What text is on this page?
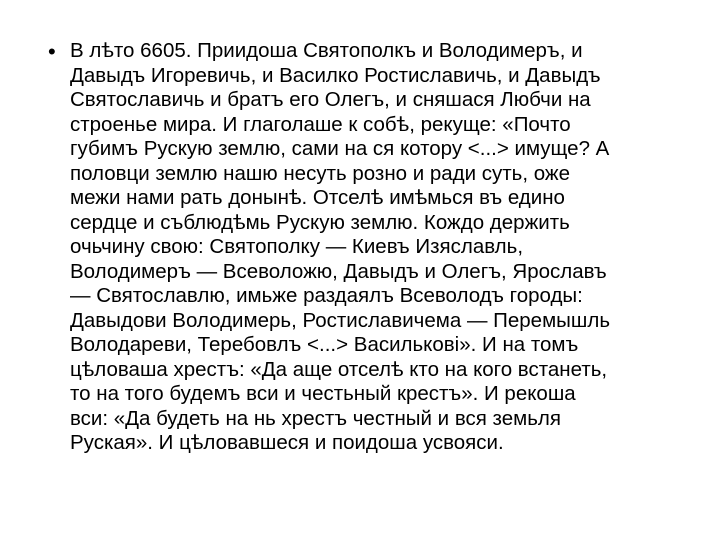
• В лѣто 6605. Приидоша Святополкъ и Володимеръ, и
Давыдъ Игоревичь, и Василко Ростиславичь, и Давыдъ
Святославичь и братъ его Олегъ, и сняшася Любчи на
строенье мира. И глаголаше к собѣ, рекуще: «Почто
губимъ Рускую землю, сами на ся котору <...> имуще? А
половци землю нашю несуть розно и ради суть, оже
межи нами рать донынѣ. Отселѣ имѣмься въ едино
сердце и съблюдѣмь Рускую землю. Кождо держить
очьчину свою: Святополку — Киевъ Изяславль,
Володимеръ — Всеволожю, Давыдъ и Олегъ, Ярославъ
— Святославлю, имьже раздаялъ Всеволодъ городы:
Давыдови Володимерь, Ростиславичема — Перемышль
Володареви, Теребовлъ <...> Васильковi». И на томъ
цѣловаша хрестъ: «Да аще отселѣ кто на кого встанеть,
то на того будемъ вси и честьный крестъ». И рекоша
вси: «Да будеть на нь хрестъ честный и вся земьля
Руская». И цѣловавшеся и поидоша усвояси.
